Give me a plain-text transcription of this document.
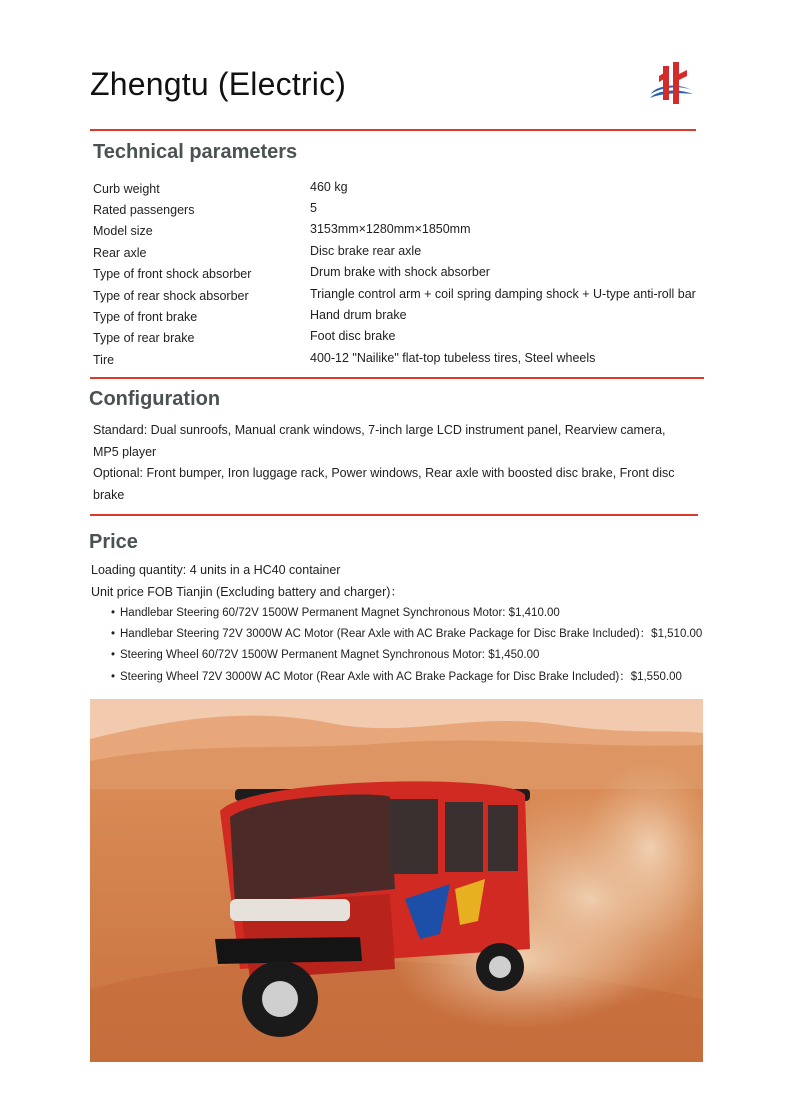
Zhengtu (Electric)
Technical parameters
Curb weight	460 kg
Rated passengers	5
Model size	3153mm×1280mm×1850mm
Rear axle	Disc brake rear axle
Type of front shock absorber	Drum brake with shock absorber
Type of rear shock absorber	Triangle control arm + coil spring damping shock + U-type anti-roll bar
Type of front brake	Hand drum brake
Type of rear brake	Foot disc brake
Tire	400-12 "Nailike" flat-top tubeless tires, Steel wheels
Configuration

Standard: Dual sunroofs, Manual crank windows, 7-inch large LCD instrument panel, Rearview camera, MP5 player

Optional: Front bumper, Iron luggage rack, Power windows, Rear axle with boosted disc brake, Front disc brake

Price
Loading quantity: 4 units in a HC40 container
Unit price FOB Tianjin (Excluding battery and charger)：
• Handlebar Steering 60/72V 1500W Permanent Magnet Synchronous Motor: $1,410.00
• Handlebar Steering 72V 3000W AC Motor (Rear Axle with AC Brake Package for Disc Brake Included)：$1,510.00
• Steering Wheel 60/72V 1500W Permanent Magnet Synchronous Motor: $1,450.00
• Steering Wheel 72V 3000W AC Motor (Rear Axle with AC Brake Package for Disc Brake Included)：$1,550.00
